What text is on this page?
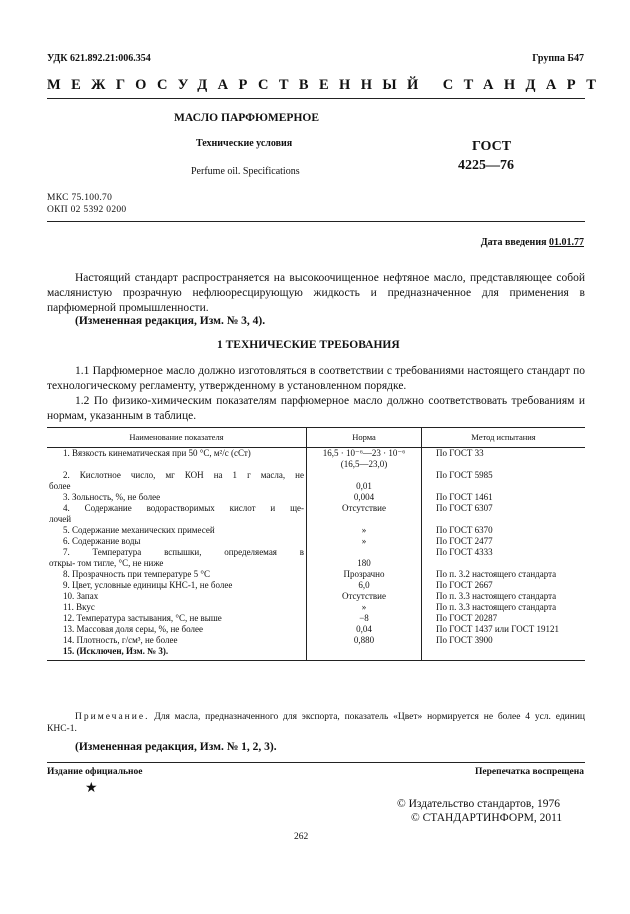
УДК 621.892.21:006.354	Группа Б47
МЕЖГОСУДАРСТВЕННЫЙ СТАНДАРТ
МАСЛО ПАРФЮМЕРНОЕ
Технические условия
Perfume oil. Specifications
ГОСТ
4225—76
МКС 75.100.70
ОКП 02 5392 0200
Дата введения 01.01.77
Настоящий стандарт распространяется на высокоочищенное нефтяное масло, представляющее собой маслянистую прозрачную нефлюоресцирующую жидкость и предназначенное для применения в парфюмерной промышленности.
(Измененная редакция, Изм. № 3, 4).
1 ТЕХНИЧЕСКИЕ ТРЕБОВАНИЯ
1.1 Парфюмерное масло должно изготовляться в соответствии с требованиями настоящего стандарт по технологическому регламенту, утвержденному в установленном порядке.
1.2 По физико-химическим показателям парфюмерное масло должно соответствовать требованиям и нормам, указанным в таблице.
Наименование показателя	Норма	Метод испытания

1. Вязкость кинематическая при 50 °С, м²/с (сСт)	16,5 · 10⁻⁶—23 · 10⁻⁶
(16,5—23,0)	По ГОСТ 33

2. Кислотное число, мг КОН на 1 г масла, не
более	0,01	По ГОСТ 5985

3. Зольность, %, не более	0,004	По ГОСТ 1461

4. Содержание водорастворимых кислот и ще-
лочей	Отсутствие	По ГОСТ 6307

5. Содержание механических примесей	»	По ГОСТ 6370

6. Содержание воды	»	По ГОСТ 2477

7. Температура вспышки, определяемая в
откры- том тигле, °С, не ниже	180	По ГОСТ 4333

8. Прозрачность при температуре 5 °С	Прозрачно	По п. 3.2 настоящего стандарта

9. Цвет, условные единицы КНС-1, не более	6,0	По ГОСТ 2667

10. Запах	Отсутствие	По п. 3.3 настоящего стандарта

11. Вкус	»	По п. 3.3 настоящего стандарта

12. Температура застывания, °С, не выше	−8	По ГОСТ 20287

13. Массовая доля серы, %, не более	0,04	По ГОСТ 1437 или ГОСТ 19121

14. Плотность, г/см³, не более	0,880	По ГОСТ 3900

15. (Исключен, Изм. № 3).		

Примечание. Для масла, предназначенного для экспорта, показатель «Цвет» нормируется не более 4 усл. единиц КНС-1.
(Измененная редакция, Изм. № 1, 2, 3).
Издание официальное	Перепечатка воспрещена
★
© Издательство стандартов, 1976
© СТАНДАРТИНФОРМ, 2011
262
